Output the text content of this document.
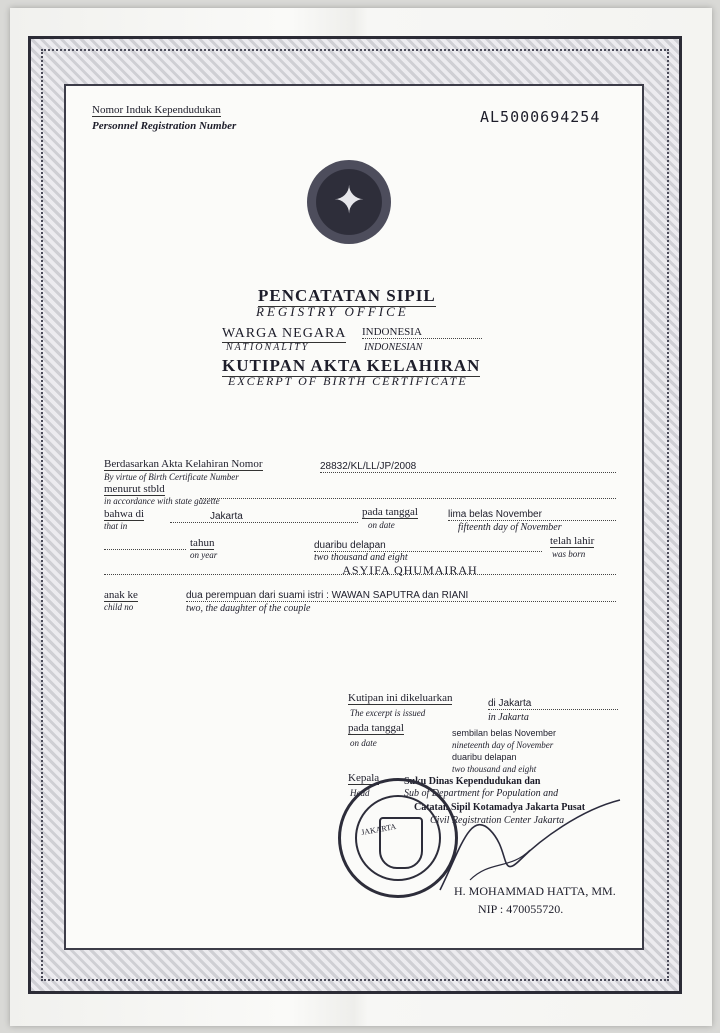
Nomor Induk Kependudukan
Personnel Registration Number	AL5000694254
✦
PENCATATAN SIPIL
REGISTRY OFFICE
WARGA NEGARA
NATIONALITY
INDONESIA
INDONESIAN
KUTIPAN AKTA KELAHIRAN
EXCERPT OF BIRTH CERTIFICATE
Berdasarkan Akta Kelahiran Nomor
By virtue of Birth Certificate Number
28832/KL/LL/JP/2008
menurut stbld
in accordance with state gazette
bahwa di
that in
Jakarta	pada tanggal
on date
lima belas November
fifteenth day of November
tahun
on year
duaribu delapan
two thousand and eight
telah lahir
was born
ASYIFA QHUMAIRAH
anak ke
child no
dua perempuan dari suami istri : WAWAN SAPUTRA dan RIANI
two, the daughter of the couple
Kutipan ini dikeluarkan
The excerpt is issued
di Jakarta
in Jakarta
pada tanggal
on date
sembilan belas November
nineteenth day of November
duaribu delapan
two thousand and eight
Kepala
Head
Suku Dinas Kependudukan dan
Sub of Department for Population and
Catatan Sipil Kotamadya Jakarta Pusat
Civil Registration Center Jakarta
JAKARTA
H. MOHAMMAD HATTA, MM.
NIP : 470055720.
